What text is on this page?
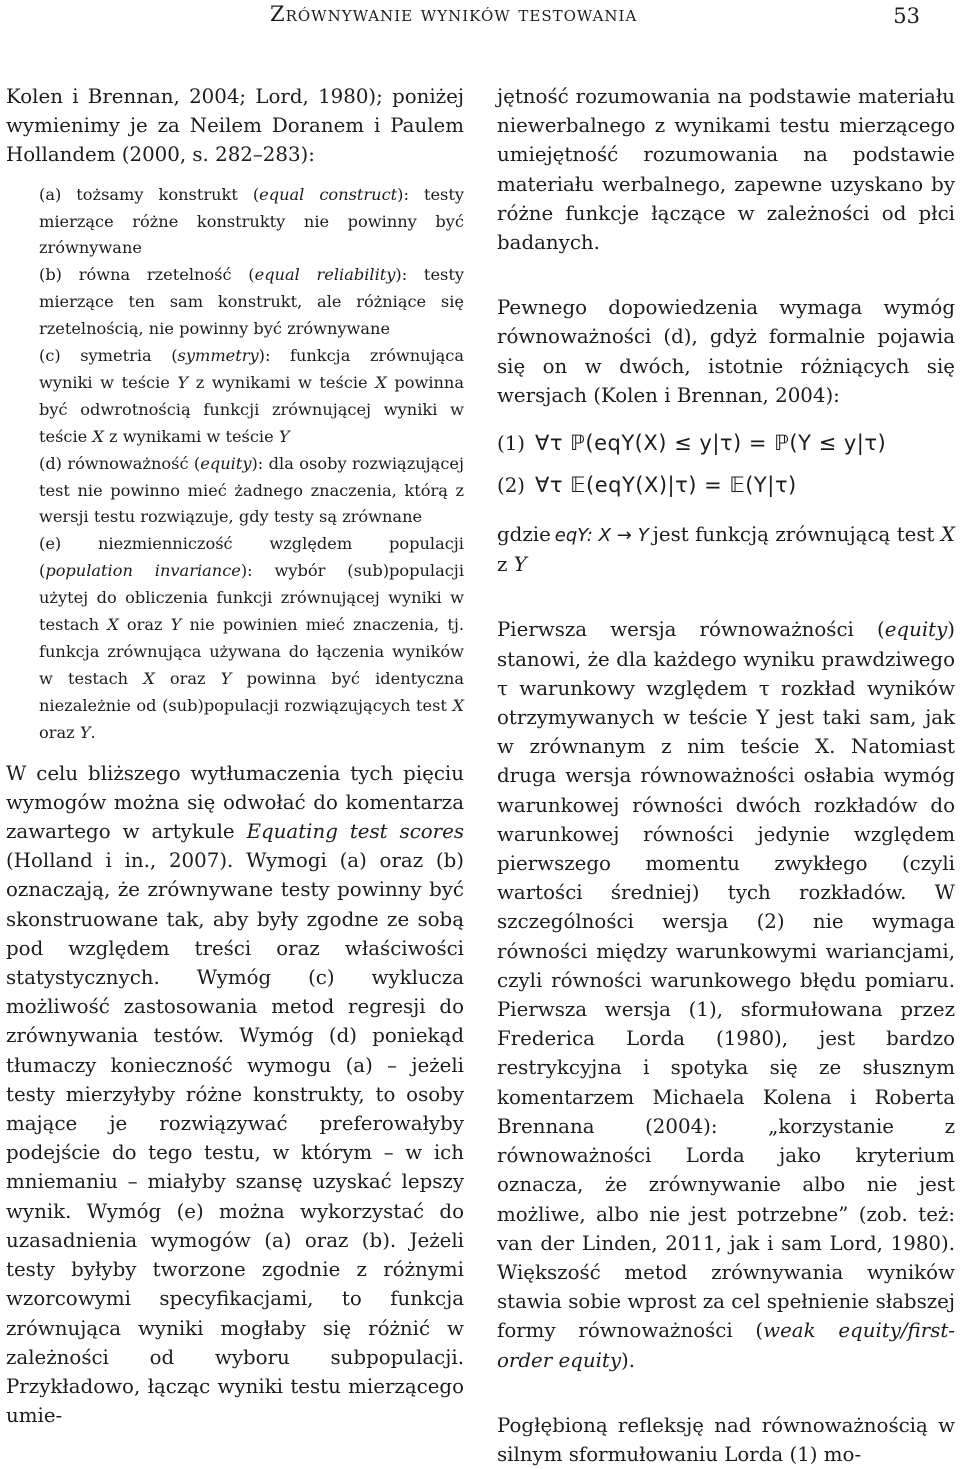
Zrównywanie wyników testowania	53

Kolen i Brennan, 2004; Lord, 1980); poniżej wymienimy je za Neilem Doranem i Paulem Hollandem (2000, s. 282–283):

(a) tożsamy konstrukt (equal construct): testy mierzące różne konstrukty nie powinny być zrównywane

(b) równa rzetelność (equal reliability): testy mierzące ten sam konstrukt, ale różniące się rzetelnością, nie powinny być zrównywane

(c) symetria (symmetry): funkcja zrównująca wyniki w teście Y z wynikami w teście X powinna być odwrotnością funkcji zrównującej wyniki w teście X z wynikami w teście Y

(d) równoważność (equity): dla osoby rozwiązującej test nie powinno mieć żadnego znaczenia, którą z wersji testu rozwiązuje, gdy testy są zrównane

(e) niezmienniczość względem populacji (population invariance): wybór (sub)populacji użytej do obliczenia funkcji zrównującej wyniki w testach X oraz Y nie powinien mieć znaczenia, tj. funkcja zrównująca używana do łączenia wyników w testach X oraz Y powinna być identyczna niezależnie od (sub)populacji rozwiązujących test X oraz Y.

W celu bliższego wytłumaczenia tych pięciu wymogów można się odwołać do komentarza zawartego w artykule Equating test scores (Holland i in., 2007). Wymogi (a) oraz (b) oznaczają, że zrównywane testy powinny być skonstruowane tak, aby były zgodne ze sobą pod względem treści oraz właściwości statystycznych. Wymóg (c) wyklucza możliwość zastosowania metod regresji do zrównywania testów. Wymóg (d) poniekąd tłumaczy konieczność wymogu (a) – jeżeli testy mierzyłyby różne konstrukty, to osoby mające je rozwiązywać preferowałyby podejście do tego testu, w którym – w ich mniemaniu – miałyby szansę uzyskać lepszy wynik. Wymóg (e) można wykorzystać do uzasadnienia wymogów (a) oraz (b). Jeżeli testy byłyby tworzone zgodnie z różnymi wzorcowymi specyfikacjami, to funkcja zrównująca wyniki mogłaby się różnić w zależności od wyboru subpopulacji. Przykładowo, łącząc wyniki testu mierzącego umie-

jętność rozumowania na podstawie materiału niewerbalnego z wynikami testu mierzącego umiejętność rozumowania na podstawie materiału werbalnego, zapewne uzyskano by różne funkcje łączące w zależności od płci badanych.

Pewnego dopowiedzenia wymaga wymóg równoważności (d), gdyż formalnie pojawia się on w dwóch, istotnie różniących się wersjach (Kolen i Brennan, 2004):

(1) ∀τ ℙ(eqY(X) ≤ y|τ) = ℙ(Y ≤ y|τ)
(2) ∀τ 𝔼(eqY(X)|τ) = 𝔼(Y|τ)

gdzie eqY: X → Y jest funkcją zrównującą test X z Y

Pierwsza wersja równoważności (equity) stanowi, że dla każdego wyniku prawdziwego τ warunkowy względem τ rozkład wyników otrzymywanych w teście Y jest taki sam, jak w zrównanym z nim teście X. Natomiast druga wersja równoważności osłabia wymóg warunkowej równości dwóch rozkładów do warunkowej równości jedynie względem pierwszego momentu zwykłego (czyli wartości średniej) tych rozkładów. W szczególności wersja (2) nie wymaga równości między warunkowymi wariancjami, czyli równości warunkowego błędu pomiaru. Pierwsza wersja (1), sformułowana przez Frederica Lorda (1980), jest bardzo restrykcyjna i spotyka się ze słusznym komentarzem Michaela Kolena i Roberta Brennana (2004): „korzystanie z równoważności Lorda jako kryterium oznacza, że zrównywanie albo nie jest możliwe, albo nie jest potrzebne” (zob. też: van der Linden, 2011, jak i sam Lord, 1980). Większość metod zrównywania wyników stawia sobie wprost za cel spełnienie słabszej formy równoważności (weak equity/first-order equity).

Pogłębioną refleksję nad równoważnością w silnym sformułowaniu Lorda (1) mo-
